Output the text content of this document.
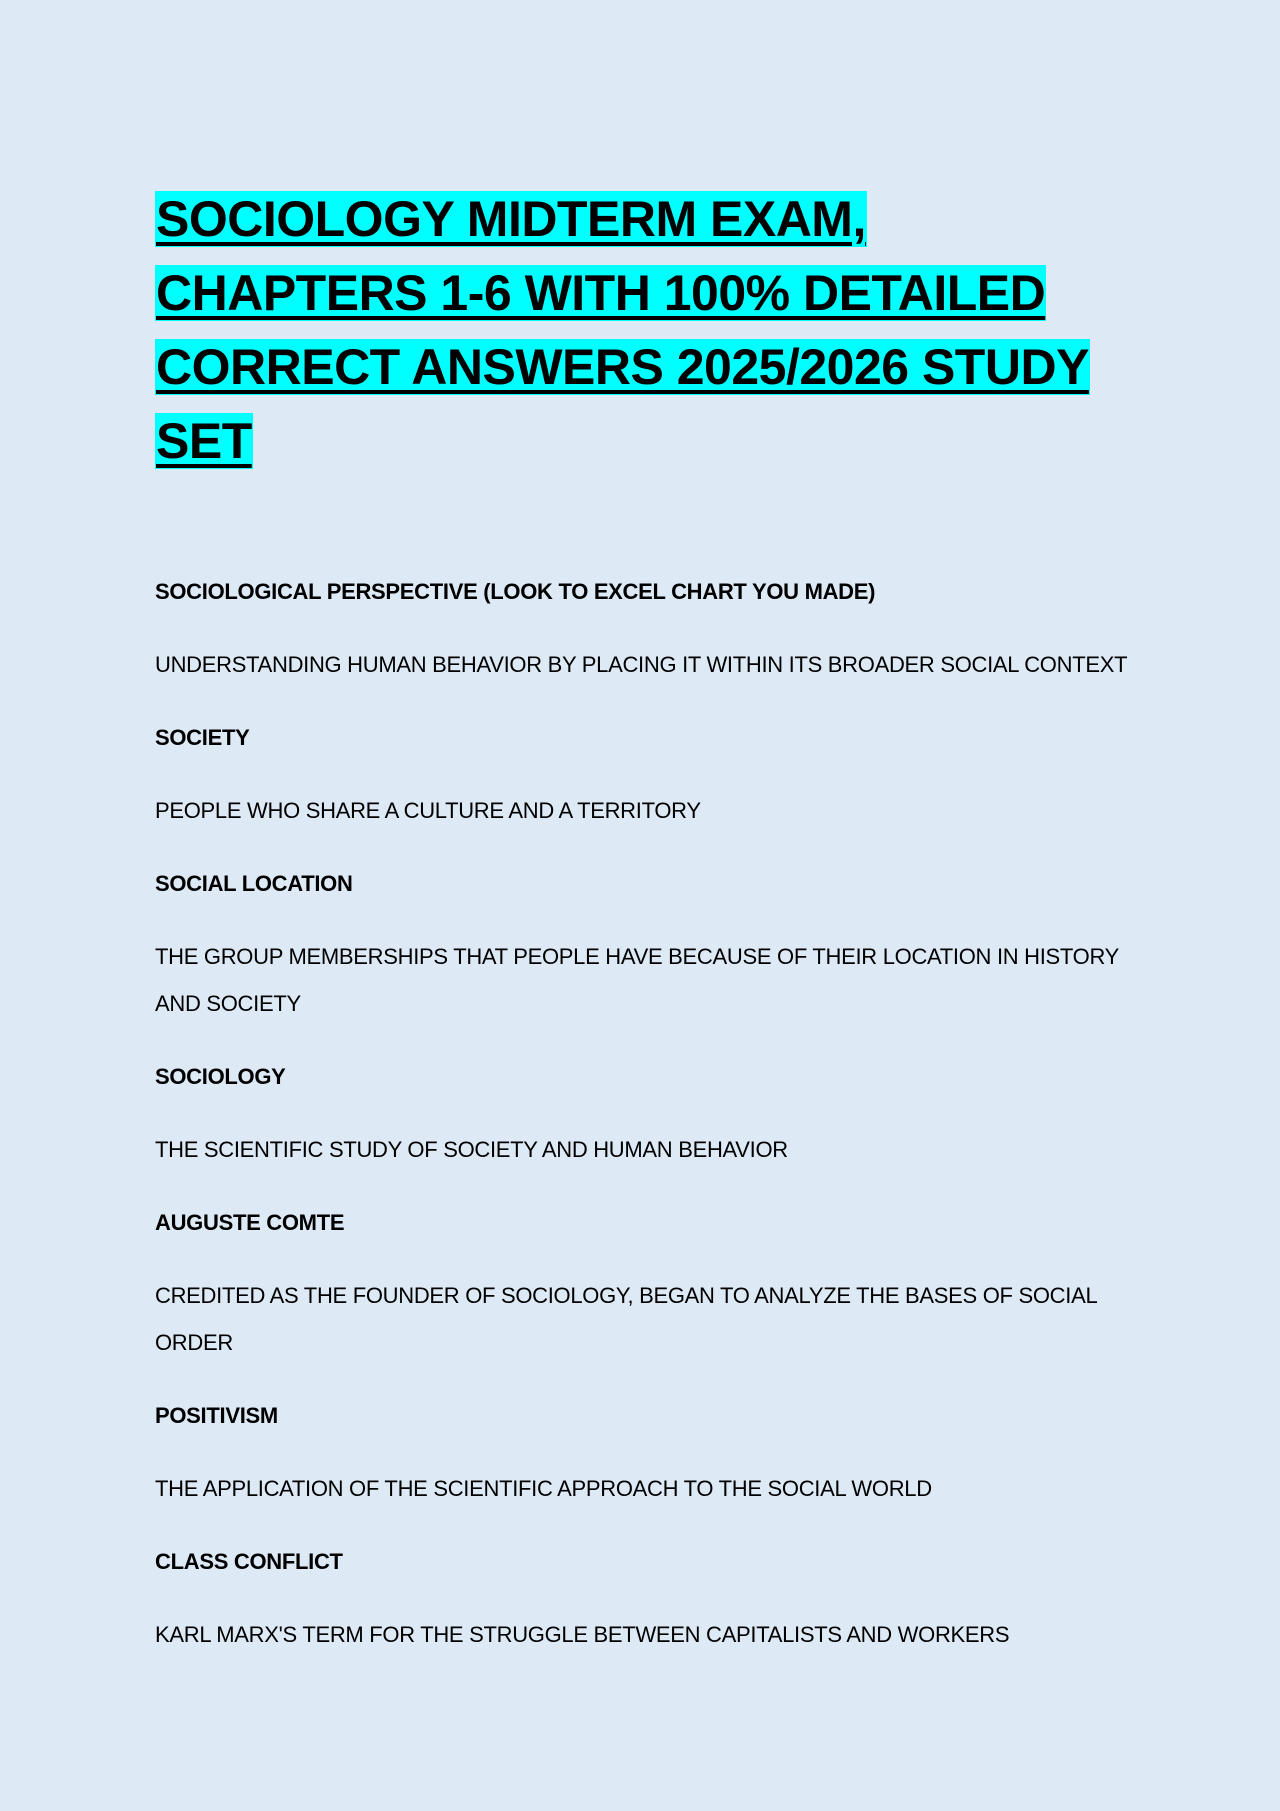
SOCIOLOGY MIDTERM EXAM,
CHAPTERS 1-6 WITH 100% DETAILED
CORRECT ANSWERS 2025/2026 STUDY
SET

SOCIOLOGICAL PERSPECTIVE (LOOK TO EXCEL CHART YOU MADE)

UNDERSTANDING HUMAN BEHAVIOR BY PLACING IT WITHIN ITS BROADER SOCIAL CONTEXT

SOCIETY

PEOPLE WHO SHARE A CULTURE AND A TERRITORY

SOCIAL LOCATION

THE GROUP MEMBERSHIPS THAT PEOPLE HAVE BECAUSE OF THEIR LOCATION IN HISTORY AND SOCIETY

SOCIOLOGY

THE SCIENTIFIC STUDY OF SOCIETY AND HUMAN BEHAVIOR

AUGUSTE COMTE

CREDITED AS THE FOUNDER OF SOCIOLOGY, BEGAN TO ANALYZE THE BASES OF SOCIAL ORDER

POSITIVISM

THE APPLICATION OF THE SCIENTIFIC APPROACH TO THE SOCIAL WORLD

CLASS CONFLICT

KARL MARX'S TERM FOR THE STRUGGLE BETWEEN CAPITALISTS AND WORKERS
